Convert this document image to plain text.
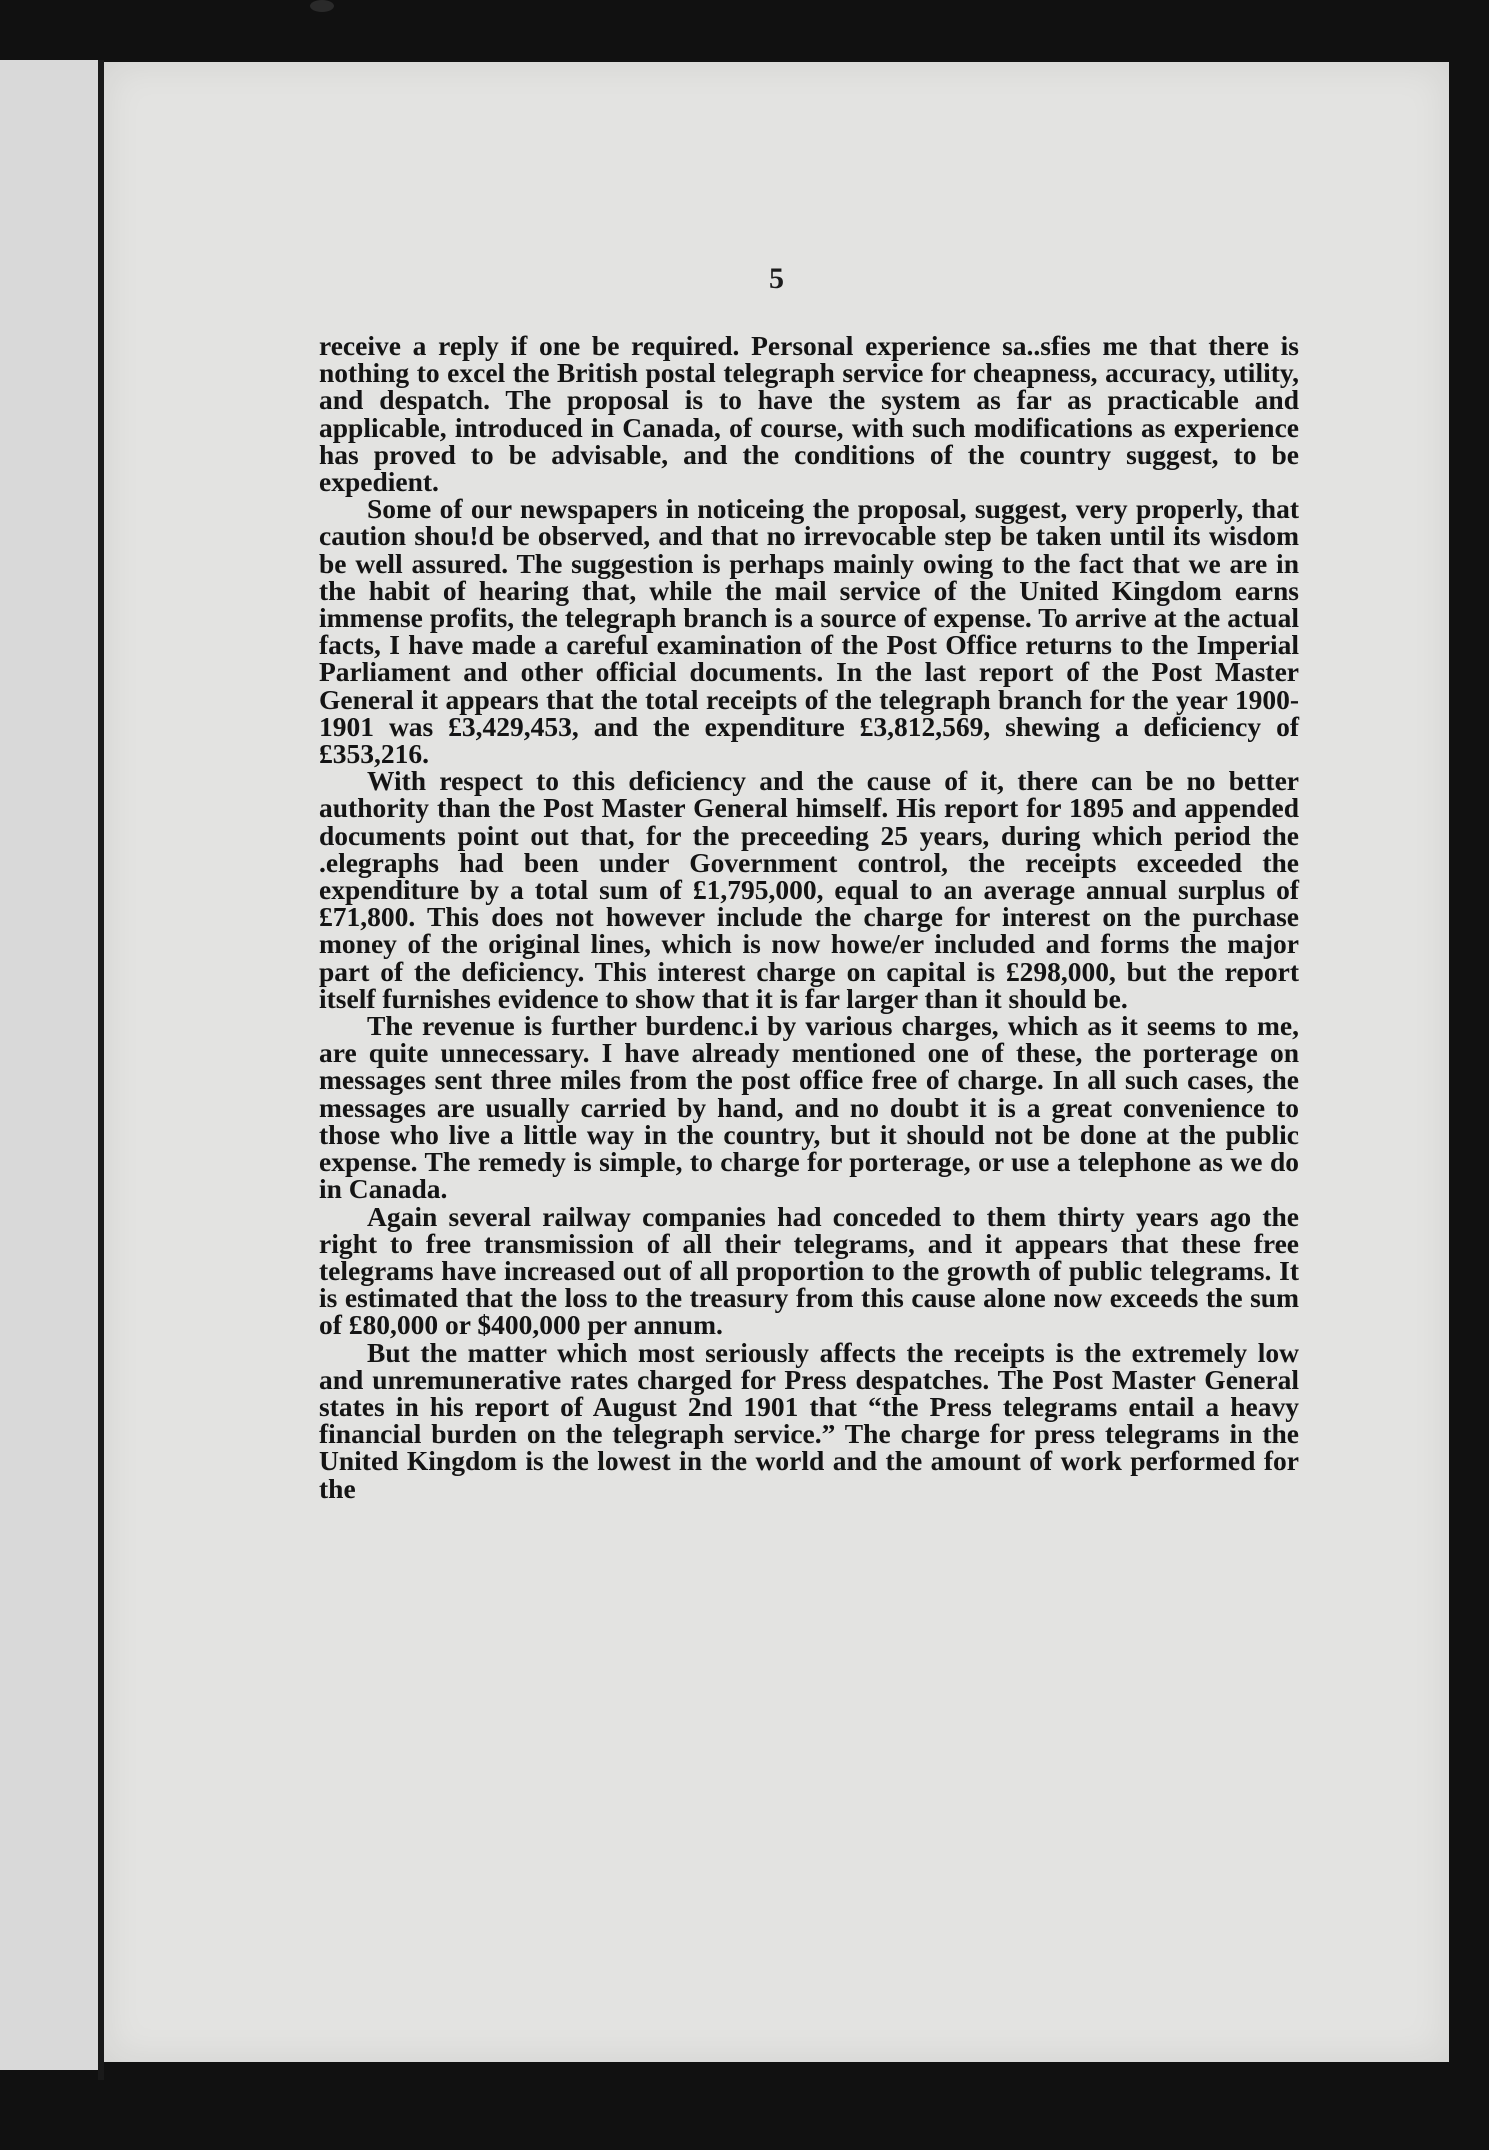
5

receive a reply if one be required. Personal experience sa..sfies me that there is nothing to excel the British postal telegraph service for cheapness, accuracy, utility, and despatch. The proposal is to have the system as far as practicable and applicable, introduced in Canada, of course, with such modifications as experience has proved to be advisable, and the conditions of the country suggest, to be expedient.

Some of our newspapers in noticeing the proposal, suggest, very properly, that caution shou!d be observed, and that no irrevocable step be taken until its wisdom be well assured. The suggestion is perhaps mainly owing to the fact that we are in the habit of hearing that, while the mail service of the United Kingdom earns immense profits, the telegraph branch is a source of expense. To arrive at the actual facts, I have made a careful examination of the Post Office returns to the Imperial Parliament and other official documents. In the last report of the Post Master General it appears that the total receipts of the telegraph branch for the year 1900-1901 was £3,429,453, and the expenditure £3,812,569, shewing a deficiency of £353,216.

With respect to this deficiency and the cause of it, there can be no better authority than the Post Master General himself. His report for 1895 and appended documents point out that, for the preceeding 25 years, during which period the .elegraphs had been under Government control, the receipts exceeded the expenditure by a total sum of £1,795,000, equal to an average annual surplus of £71,800. This does not however include the charge for interest on the purchase money of the original lines, which is now howe/er included and forms the major part of the deficiency. This interest charge on capital is £298,000, but the report itself furnishes evidence to show that it is far larger than it should be.

The revenue is further burdenc.i by various charges, which as it seems to me, are quite unnecessary. I have already mentioned one of these, the porterage on messages sent three miles from the post office free of charge. In all such cases, the messages are usually carried by hand, and no doubt it is a great convenience to those who live a little way in the country, but it should not be done at the public expense. The remedy is simple, to charge for porterage, or use a telephone as we do in Canada.

Again several railway companies had conceded to them thirty years ago the right to free transmission of all their telegrams, and it appears that these free telegrams have increased out of all proportion to the growth of public telegrams. It is estimated that the loss to the treasury from this cause alone now exceeds the sum of £80,000 or $400,000 per annum.

But the matter which most seriously affects the receipts is the extremely low and unremunerative rates charged for Press despatches. The Post Master General states in his report of August 2nd 1901 that “the Press telegrams entail a heavy financial burden on the telegraph service.” The charge for press telegrams in the United Kingdom is the lowest in the world and the amount of work performed for the
